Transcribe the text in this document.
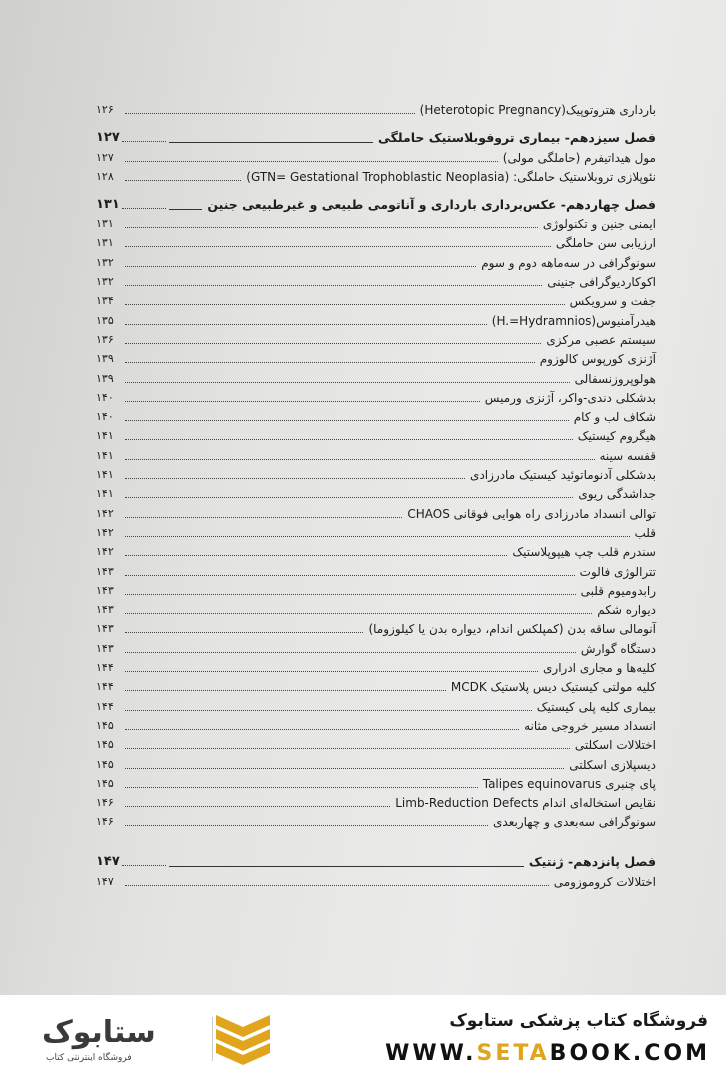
بارداری هتروتوپیک(Heterotopic Pregnancy)
۱۲۶
فصل سیزدهم- بیماری تروفوبلاستیک حاملگی
۱۲۷
مول هیداتیفرم (حاملگی مولی)
۱۲۷
نئوپلازی تروبلاستیک حاملگی: (GTN= Gestational Trophoblastic Neoplasia)
۱۲۸
فصل چهاردهم- عکس‌برداری بارداری و آناتومی طبیعی و غیرطبیعی جنین
۱۳۱
ایمنی جنین و تکنولوژی
۱۳۱
ارزیابی سن حاملگی
۱۳۱
سونوگرافی در سه‌ماهه دوم و سوم
۱۳۲
اکوکاردیوگرافی جنینی
۱۳۲
جفت و سرویکس
۱۳۴
هیدرآمنیوس(H.=Hydramnios)
۱۳۵
سیستم عصبی مرکزی
۱۳۶
آژنزی کورپوس کالوزوم
۱۳۹
هولوپروزنسفالی
۱۳۹
بدشکلی دندی-واکر، آژنزی ورمیس
۱۴۰
شکاف لب و کام
۱۴۰
هیگروم کیستیک
۱۴۱
قفسه سینه
۱۴۱
بدشکلی آدنوماتوئید کیستیک مادرزادی
۱۴۱
جداشدگی ریوی
۱۴۱
توالی انسداد مادرزادی راه هوایی فوقانی CHAOS
۱۴۲
قلب
۱۴۲
سندرم قلب چپ هیپوپلاستیک
۱۴۲
تترالوژی فالوت
۱۴۳
رابدومیوم قلبی
۱۴۳
دیواره شکم
۱۴۳
آنومالی ساقه بدن (کمپلکس اندام، دیواره بدن یا کیلوزوما)
۱۴۳
دستگاه گوارش
۱۴۳
کلیه‌ها و مجاری ادراری
۱۴۴
کلیه مولتی کیستیک دیس پلاستیک MCDK
۱۴۴
بیماری کلیه پلی کیستیک
۱۴۴
انسداد مسیر خروجی مثانه
۱۴۵
اختلالات اسکلتی
۱۴۵
دیسپلازی اسکلتی
۱۴۵
پای چنبری Talipes equinovarus
۱۴۵
نقایص استخاله‌ای اندام Limb-Reduction Defects
۱۴۶
سونوگرافی سه‌بعدی و چهاربعدی
۱۴۶
فصل پانزدهم- ژنتیک
۱۴۷
اختلالات کروموزومی
۱۴۷
ستابوک
فروشگاه اینترنتی کتاب
فروشگاه کتاب پزشکی ستابوک
WWW.SETABOOK.COM
